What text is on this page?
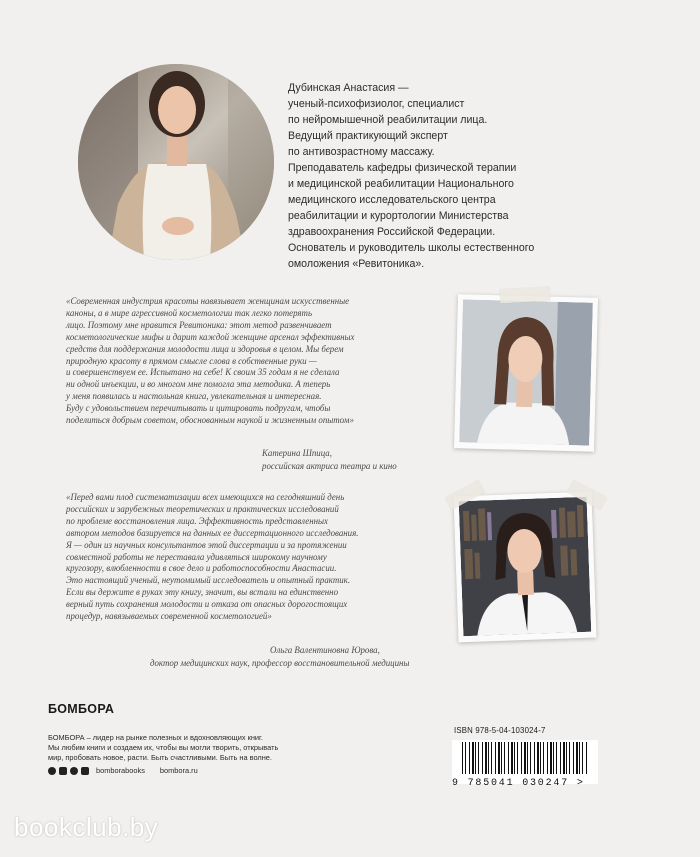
Дубинская Анастасия —
ученый-психофизиолог, специалист
по нейромышечной реабилитации лица.
Ведущий практикующий эксперт
по антивозрастному массажу.
Преподаватель кафедры физической терапии
и медицинской реабилитации Национального
медицинского исследовательского центра
реабилитации и курортологии Министерства
здравоохранения Российской Федерации.
Основатель и руководитель школы естественного
омоложения «Ревитоника».
«Современная индустрия красоты навязывает женщинам искусственные
каноны, а в мире агрессивной косметологии так легко потерять
лицо. Поэтому мне нравится Ревитоника: этот метод развенчивает
косметологические мифы и дарит каждой женщине арсенал эффективных
средств для поддержания молодости лица и здоровья в целом. Мы берем
природную красоту в прямом смысле слова в собственные руки —
и совершенствуем ее. Испытано на себе! К своим 35 годам я не сделала
ни одной инъекции, и во многом мне помогла эта методика. А теперь
у меня появилась и настольная книга, увлекательная и интересная.
Буду с удовольствием перечитывать и цитировать подругам, чтобы
поделиться добрым советом, обоснованным наукой и жизненным опытом»
Катерина Шпица,
российская актриса театра и кино
«Перед вами плод систематизации всех имеющихся на сегодняшний день
российских и зарубежных теоретических и практических исследований
по проблеме восстановления лица. Эффективность представленных
автором методов базируется на данных ее диссертационного исследования.
Я — один из научных консультантов этой диссертации и за протяжении
совместной работы не переставала удивляться широкому научному
кругозору, влюбленности в свое дело и работоспособности Анастасии.
Это настоящий ученый, неутомимый исследователь и опытный практик.
Если вы держите в руках эту книгу, значит, вы встали на единственно
верный путь сохранения молодости и отказа от опасных дорогостоящих
процедур, навязываемых современной косметологией»
Ольга Валентиновна Юрова,
доктор медицинских наук, профессор восстановительной медицины
БОМБОРА
БОМБОРА – лидер на рынке полезных и вдохновляющих книг.
Мы любим книги и создаем их, чтобы вы могли творить, открывать
мир, пробовать новое, расти. Быть счастливыми. Быть на волне.
bomborabooks bombora.ru
ISBN 978-5-04-103024-7
9 785041 030247 >
bookclub.by
